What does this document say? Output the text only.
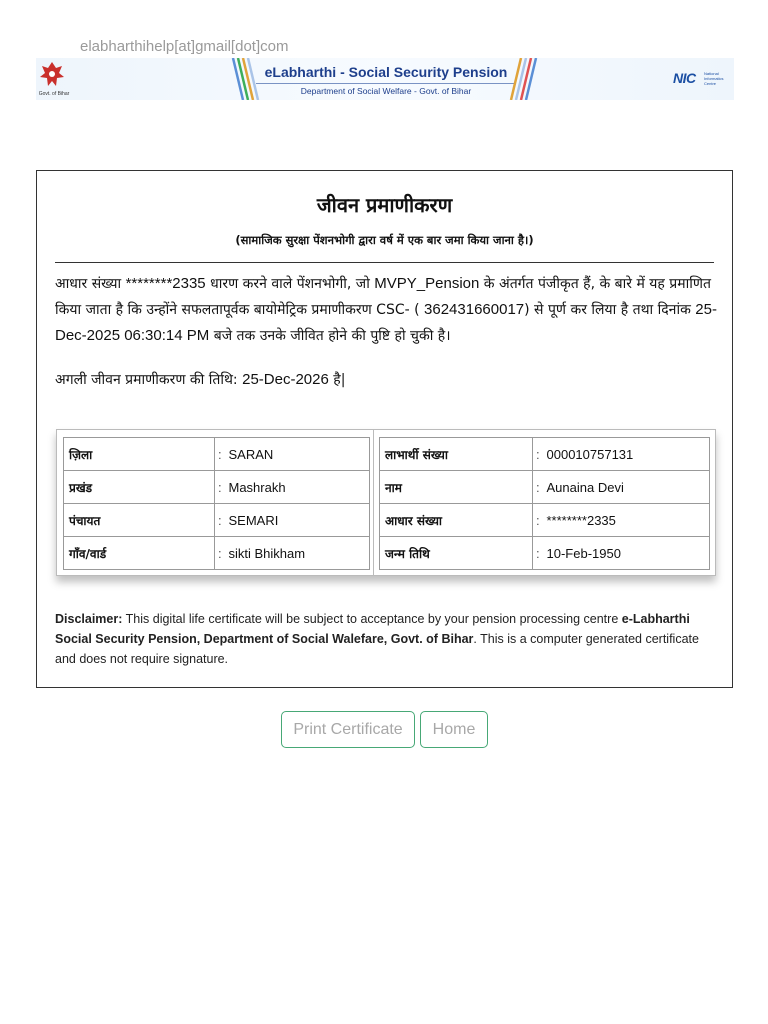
elabharthihelp[at]gmail[dot]com
Govt. of Bihar
eLabharthi - Social Security Pension
Department of Social Welfare - Govt. of Bihar
NIC National Informatics Centre
जीवन प्रमाणीकरण
(सामाजिक सुरक्षा पेंशनभोगी द्वारा वर्ष में एक बार जमा किया जाना है।)
आधार संख्या ********2335 धारण करने वाले पेंशनभोगी, जो MVPY_Pension के अंतर्गत पंजीकृत हैं, के बारे में यह प्रमाणित किया जाता है कि उन्होंने सफलतापूर्वक बायोमेट्रिक प्रमाणीकरण CSC- ( 362431660017) से पूर्ण कर लिया है तथा दिनांक 25-Dec-2025 06:30:14 PM बजे तक उनके जीवित होने की पुष्टि हो चुकी है।
अगली जीवन प्रमाणीकरण की तिथि: 25-Dec-2026 है|
ज़िला	:	SARAN
प्रखंड	:	Mashrakh
पंचायत	:	SEMARI
गाँव/वार्ड	:	sikti Bhikham
लाभार्थी संख्या	:	000010757131
नाम	:	Aunaina Devi
आधार संख्या	:	********2335
जन्म तिथि	:	10-Feb-1950
Disclaimer: This digital life certificate will be subject to acceptance by your pension processing centre e-Labharthi Social Security Pension, Department of Social Walefare, Govt. of Bihar. This is a computer generated certificate and does not require signature.
Print Certificate	Home
